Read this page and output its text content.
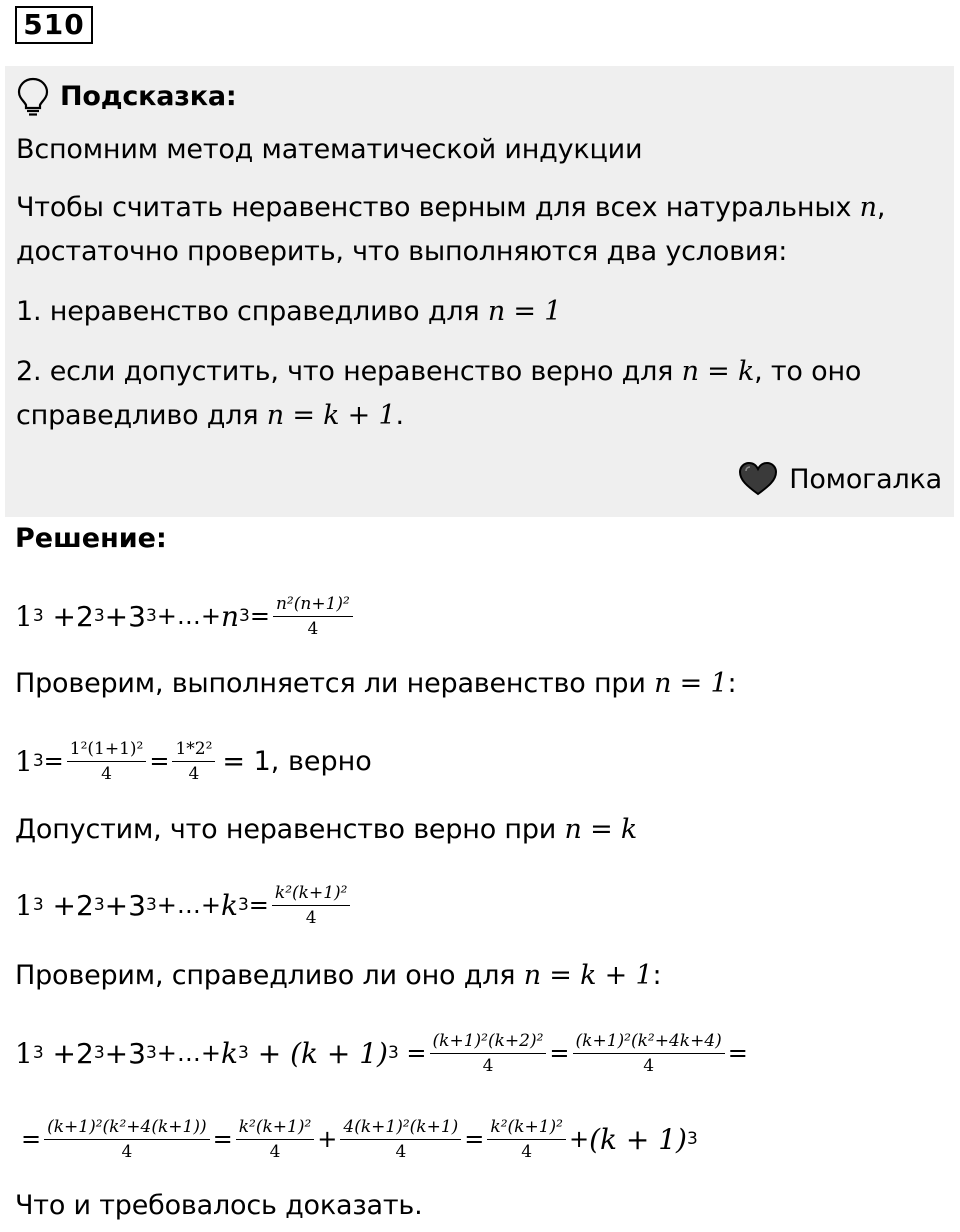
510
Подсказка:
Вспомним метод математической индукции
Чтобы считать неравенство верным для всех натуральных n,
достаточно проверить, что выполняются два условия:
1. неравенство справедливо для n = 1
2. если допустить, что неравенство верно для n = k, то оно
справедливо для n = k + 1.
Помогалка
Решение:
1 3 +2 3 +3 3 +…+ n $3 = \frac{\text{n²(n+1)²}}{4}$
Проверим, выполняется ли неравенство при n = 1:
1 $3 = \frac{\text{1²(1+1)²}}{4} = \frac{\text{1*2²}}{4} = 1$, верно
Допустим, что неравенство верно при n = k
1 3 +2 3 +3 3 +…+ k $3 = \frac{\text{k²(k+1)²}}{4}$
Проверим, справедливо ли оно для n = k + 1:
1 3 +2 3 +3 3 +…+ k 3 + (k + 1) $3 = \frac{\text{(k+1)²(k+2)²}}{4} = \frac{\text{(k+1)²(k²+4k+4)}}{4}$ =
= $\frac{\text{(k+1)²(k²+4(k+1))}}{4} = \frac{\text{k²(k+1)²}}{4} + \frac{\text{4(k+1)²(k+1)}}{4} = \frac{\text{k²(k+1)²}}{4} + (k + 1)$ 3
Что и требовалось доказать.
